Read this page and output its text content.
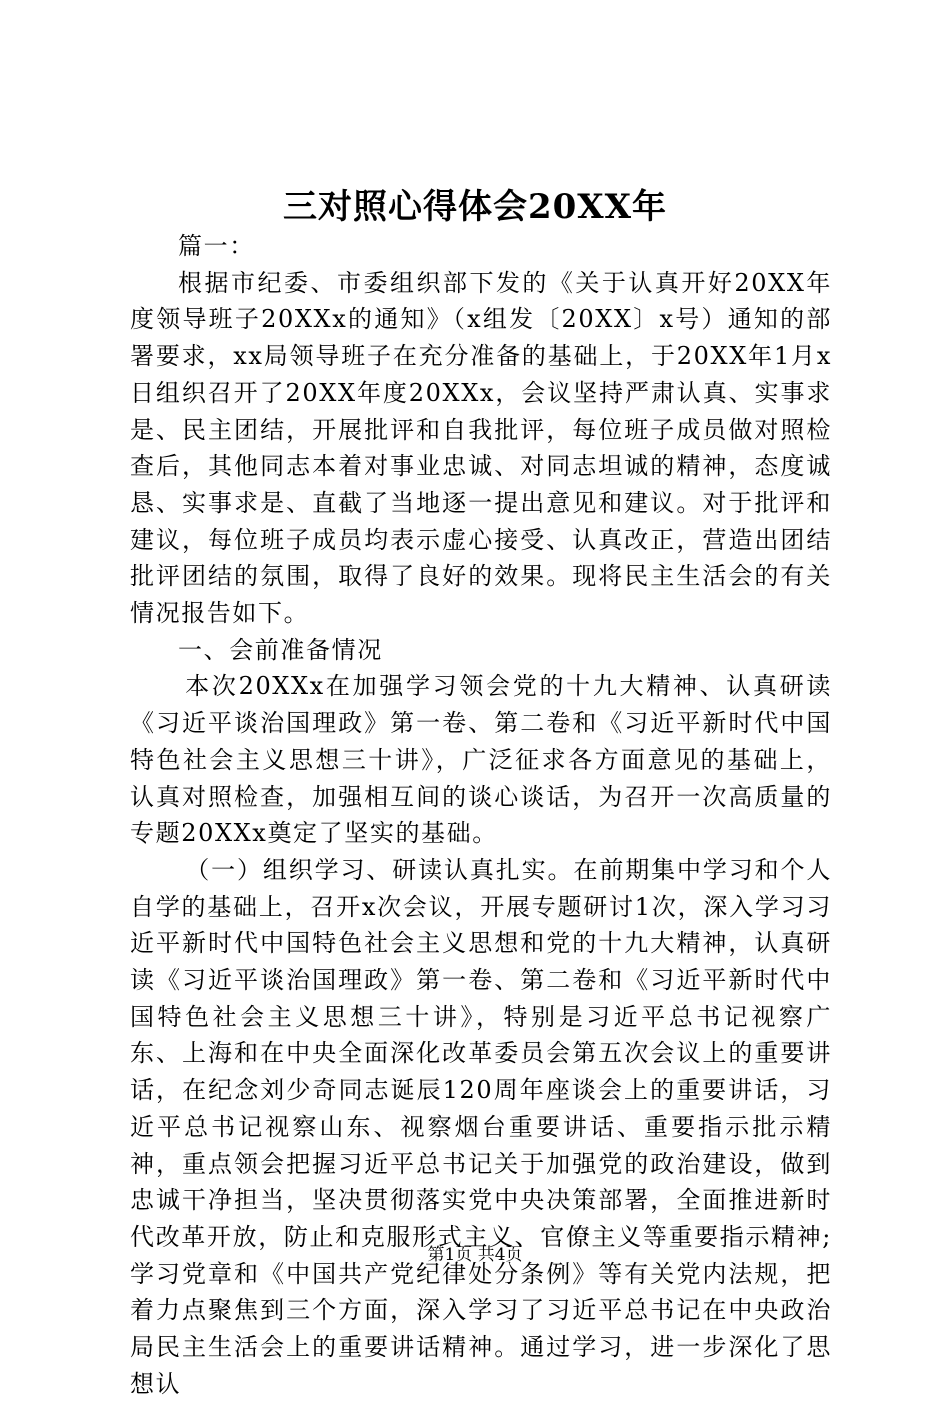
三对照心得体会20XX年

篇一：

根据市纪委、市委组织部下发的《关于认真开好20XX年度领导班子20XXx的通知》（x组发〔20XX〕x号）通知的部署要求，xx局领导班子在充分准备的基础上，于20XX年1月x日组织召开了20XX年度20XXx，会议坚持严肃认真、实事求是、民主团结，开展批评和自我批评，每位班子成员做对照检查后，其他同志本着对事业忠诚、对同志坦诚的精神，态度诚恳、实事求是、直截了当地逐一提出意见和建议。对于批评和建议，每位班子成员均表示虚心接受、认真改正，营造出团结批评团结的氛围，取得了良好的效果。现将民主生活会的有关情况报告如下。

一、会前准备情况

本次20XXx在加强学习领会党的十九大精神、认真研读《习近平谈治国理政》第一卷、第二卷和《习近平新时代中国特色社会主义思想三十讲》，广泛征求各方面意见的基础上，认真对照检查，加强相互间的谈心谈话，为召开一次高质量的专题20XXx奠定了坚实的基础。

（一）组织学习、研读认真扎实。在前期集中学习和个人自学的基础上，召开x次会议，开展专题研讨1次，深入学习习近平新时代中国特色社会主义思想和党的十九大精神，认真研读《习近平谈治国理政》第一卷、第二卷和《习近平新时代中国特色社会主义思想三十讲》，特别是习近平总书记视察广东、上海和在中央全面深化改革委员会第五次会议上的重要讲话，在纪念刘少奇同志诞辰120周年座谈会上的重要讲话，习近平总书记视察山东、视察烟台重要讲话、重要指示批示精神，重点领会把握习近平总书记关于加强党的政治建设，做到忠诚干净担当，坚决贯彻落实党中央决策部署，全面推进新时代改革开放，防止和克服形式主义、官僚主义等重要指示精神;学习党章和《中国共产党纪律处分条例》等有关党内法规，把着力点聚焦到三个方面，深入学习了习近平总书记在中央政治局民主生活会上的重要讲话精神。通过学习，进一步深化了思想认

第1页 共4页
